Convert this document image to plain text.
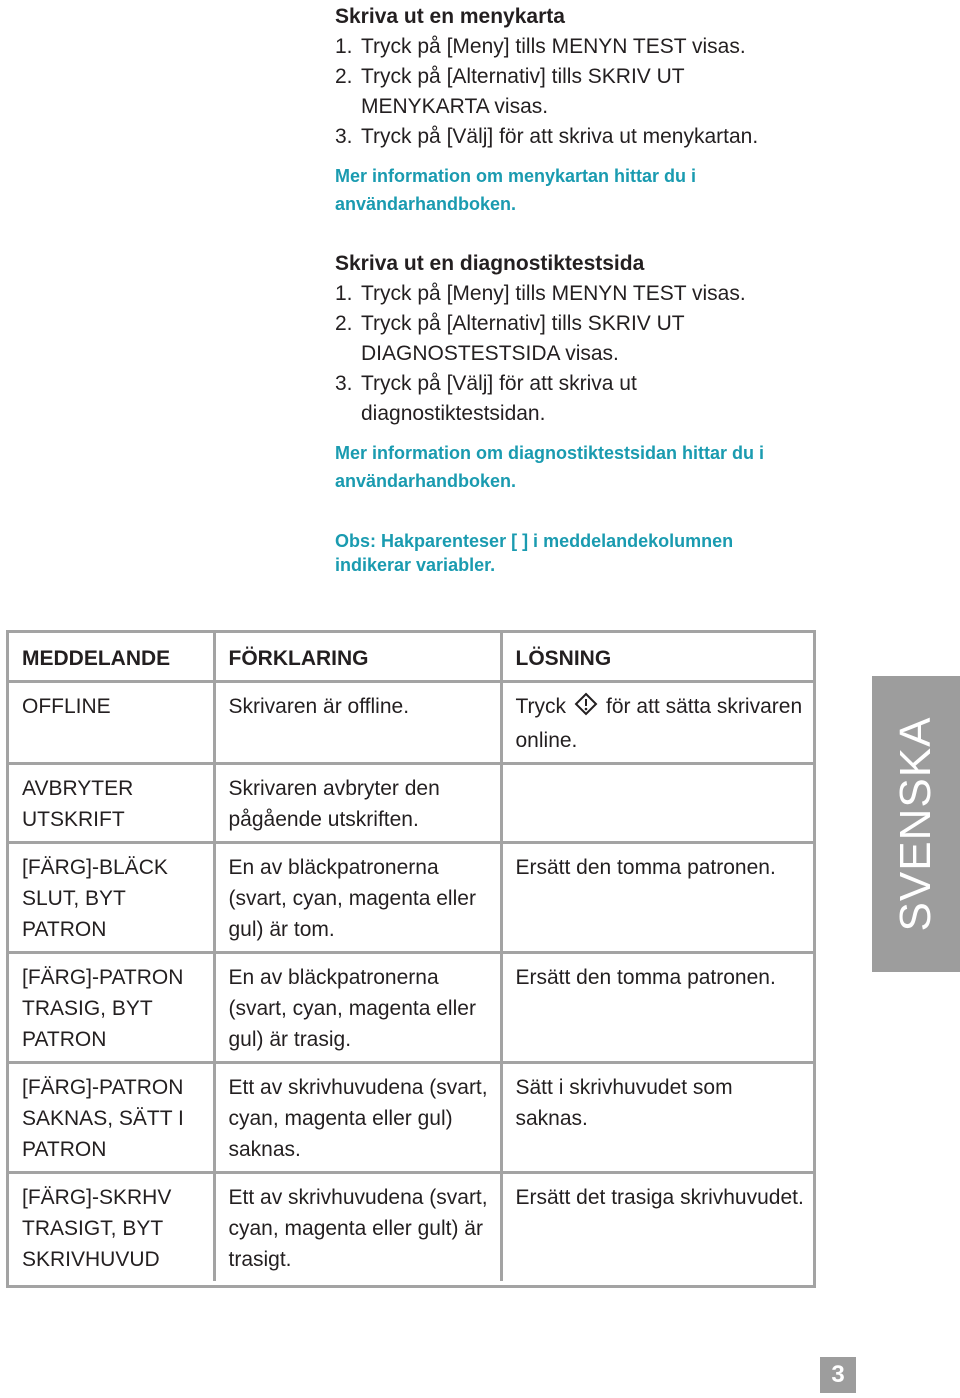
Skriva ut en menykarta
1. Tryck på [Meny] tills MENYN TEST visas.
2. Tryck på [Alternativ] tills SKRIV UT MENYKARTA visas.
3. Tryck på [Välj] för att skriva ut menykartan.

Mer information om menykartan hittar du i användarhandboken.

Skriva ut en diagnostiktestsida
1. Tryck på [Meny] tills MENYN TEST visas.
2. Tryck på [Alternativ] tills SKRIV UT DIAGNOSTESTSIDA visas.
3. Tryck på [Välj] för att skriva ut diagnostiktestsidan.

Mer information om diagnostiktestsidan hittar du i användarhandboken.

Obs: Hakparenteser [ ] i meddelandekolumnen indikerar variabler.

MEDDELANDE	FÖRKLARING	LÖSNING
OFFLINE	Skrivaren är offline.	Tryck för att sätta skrivaren online.
AVBRYTER UTSKRIFT	Skrivaren avbryter den pågående utskriften.	
[FÄRG]-BLÄCK SLUT, BYT PATRON	En av bläckpatronerna (svart, cyan, magenta eller gul) är tom.	Ersätt den tomma patronen.
[FÄRG]-PATRON TRASIG, BYT PATRON	En av bläckpatronerna (svart, cyan, magenta eller gul) är trasig.	Ersätt den tomma patronen.
[FÄRG]-PATRON SAKNAS, SÄTT I PATRON	Ett av skrivhuvudena (svart, cyan, magenta eller gul) saknas.	Sätt i skrivhuvudet som saknas.
[FÄRG]-SKRHV TRASIGT, BYT SKRIVHUVUD	Ett av skrivhuvudena (svart, cyan, magenta eller gult) är trasigt.	Ersätt det trasiga skrivhuvudet.
SVENSKA
3
